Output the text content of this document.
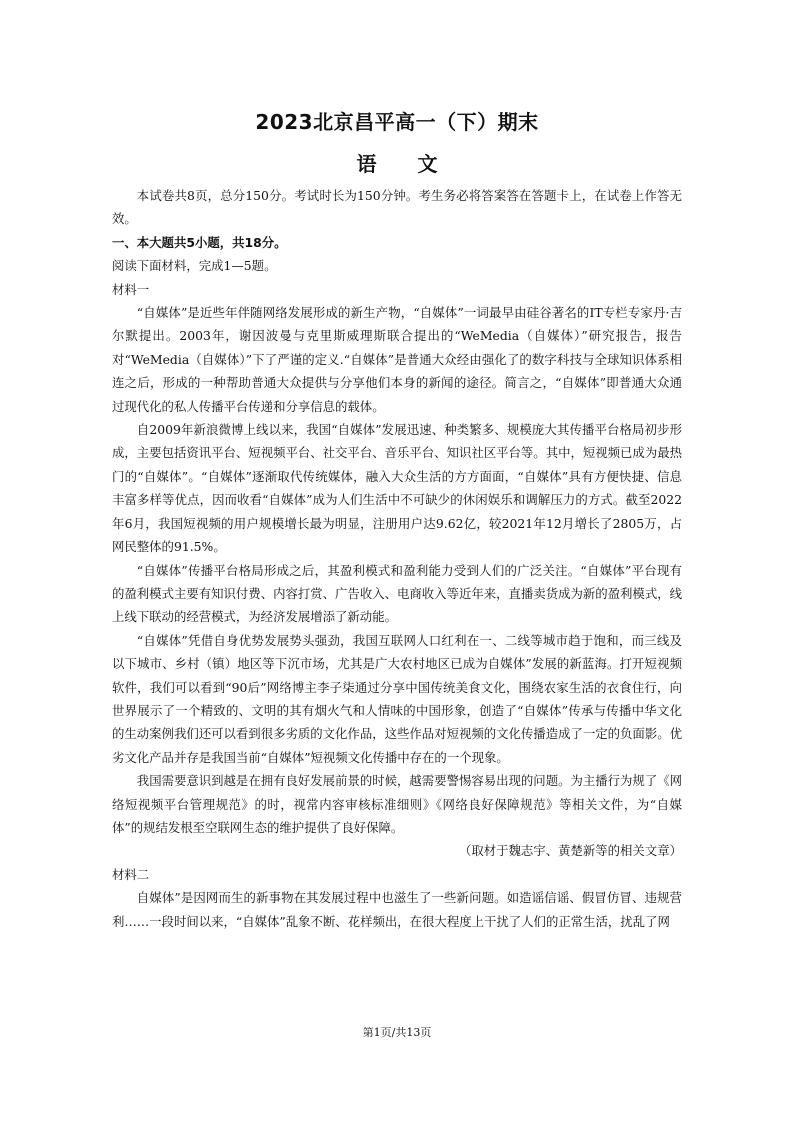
2023北京昌平高一（下）期末
语 文

本试卷共8页，总分150分。考试时长为150分钟。考生务必将答案答在答题卡上，在试卷上作答无效。

一、本大题共5小题，共18分。

阅读下面材料，完成1—5题。

材料一

“自媒体”是近些年伴随网络发展形成的新生产物，“自媒体”一词最早由硅谷著名的IT专栏专家丹·吉尔默提出。2003年，谢因波曼与克里斯威理斯联合提出的“WeMedia（自媒体）”研究报告，报告对“WeMedia（自媒体）”下了严谨的定义.“自媒体”是普通大众经由强化了的数字科技与全球知识体系相连之后，形成的一种帮助普通大众提供与分享他们本身的新闻的途径。简言之，“自媒体”即普通大众通过现代化的私人传播平台传递和分享信息的载体。

自2009年新浪微博上线以来，我国“自媒体”发展迅速、种类繁多、规模庞大其传播平台格局初步形成，主要包括资讯平台、短视频平台、社交平台、音乐平台、知识社区平台等。其中，短视频已成为最热门的“自媒体”。“自媒体”逐渐取代传统媒体，融入大众生活的方方面面，“自媒体”具有方便快捷、信息丰富多样等优点，因而收看“自媒体”成为人们生活中不可缺少的休闲娱乐和调解压力的方式。截至2022年6月，我国短视频的用户规模增长最为明显，注册用户达9.62亿，较2021年12月增长了2805万，占网民整体的91.5%。

“自媒体”传播平台格局形成之后，其盈利模式和盈利能力受到人们的广泛关注。“自媒体”平台现有的盈利模式主要有知识付费、内容打赏、广告收入、电商收入等近年来，直播卖货成为新的盈利模式，线上线下联动的经营模式，为经济发展增添了新动能。

“自媒体”凭借自身优势发展势头强劲，我国互联网人口红利在一、二线等城市趋于饱和，而三线及以下城市、乡村（镇）地区等下沉市场，尤其是广大农村地区已成为自媒体”发展的新蓝海。打开短视频软件，我们可以看到“90后”网络博主李子柒通过分享中国传统美食文化，围绕农家生活的衣食住行，向世界展示了一个精致的、文明的其有烟火气和人情味的中国形象，创造了“自媒体”传承与传播中华文化的生动案例我们还可以看到很多劣质的文化作品，这些作品对短视频的文化传播造成了一定的负面影。优劣文化产品并存是我国当前“自媒体”短视频文化传播中存在的一个现象。

我国需要意识到越是在拥有良好发展前景的时候，越需要警惕容易出现的问题。为主播行为规了《网络短视频平台管理规范》的时，视常内容审核标准细则》《网络良好保障规范》等相关文件，为“自媒体”的规结发根至空联网生态的维护提供了良好保障。

（取材于魏志宇、黄楚新等的相关文章）

材料二

自媒体”是因网而生的新事物在其发展过程中也滋生了一些新问题。如造谣信谣、假冒仿冒、违规营利……一段时间以来，“自媒体”乱象不断、花样频出，在很大程度上干扰了人们的正常生活，扰乱了网

第1页/共13页
